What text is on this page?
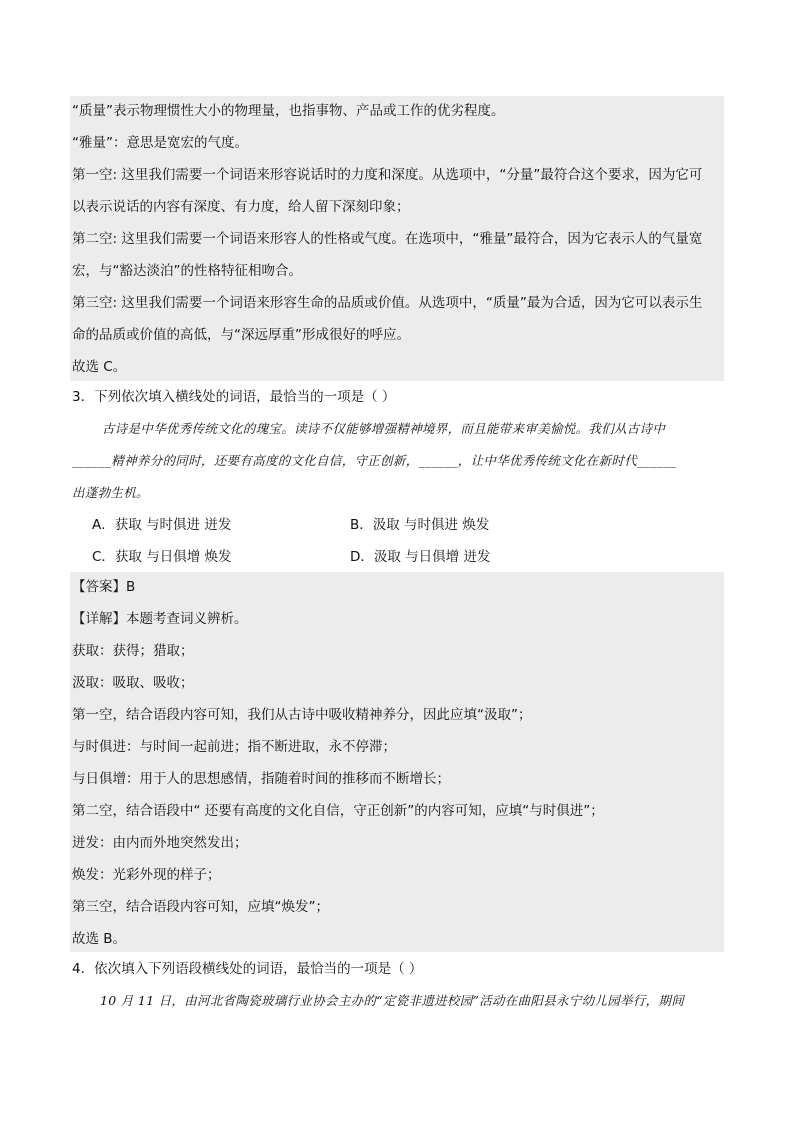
“质量”表示物理惯性大小的物理量，也指事物、产品或工作的优劣程度。
“雅量”：意思是宽宏的气度。
第一空: 这里我们需要一个词语来形容说话时的力度和深度。从选项中，“分量”最符合这个要求，因为它可
以表示说话的内容有深度、有力度，给人留下深刻印象；
第二空: 这里我们需要一个词语来形容人的性格或气度。在选项中，“雅量”最符合，因为它表示人的气量宽
宏，与“豁达淡泊”的性格特征相吻合。
第三空: 这里我们需要一个词语来形容生命的品质或价值。从选项中，“质量”最为合适，因为它可以表示生
命的品质或价值的高低，与“深远厚重”形成很好的呼应。
故选 C。
3．下列依次填入横线处的词语，最恰当的一项是（ ）
古诗是中华优秀传统文化的瑰宝。读诗不仅能够增强精神境界，而且能带来审美愉悦。我们从古诗中
______精神养分的同时，还要有高度的文化自信，守正创新，______，让中华优秀传统文化在新时代______
出蓬勃生机。
A．获取 与时俱进 迸发	B．汲取 与时俱进 焕发
C．获取 与日俱增 焕发	D．汲取 与日俱增 迸发
【答案】B
【详解】本题考查词义辨析。
获取：获得；猎取；
汲取：吸取、吸收；
第一空，结合语段内容可知，我们从古诗中吸收精神养分，因此应填“汲取”；
与时俱进：与时间一起前进；指不断进取，永不停滞；
与日俱增：用于人的思想感情，指随着时间的推移而不断增长；
第二空，结合语段中“ 还要有高度的文化自信，守正创新”的内容可知，应填“与时俱进”；
迸发：由内而外地突然发出；
焕发：光彩外现的样子；
第三空，结合语段内容可知，应填“焕发”；
故选 B。
4．依次填入下列语段横线处的词语，最恰当的一项是（ ）
10 月 11 日，由河北省陶瓷玻璃行业协会主办的“定瓷非遗进校园”活动在曲阳县永宁幼儿园举行，期间
